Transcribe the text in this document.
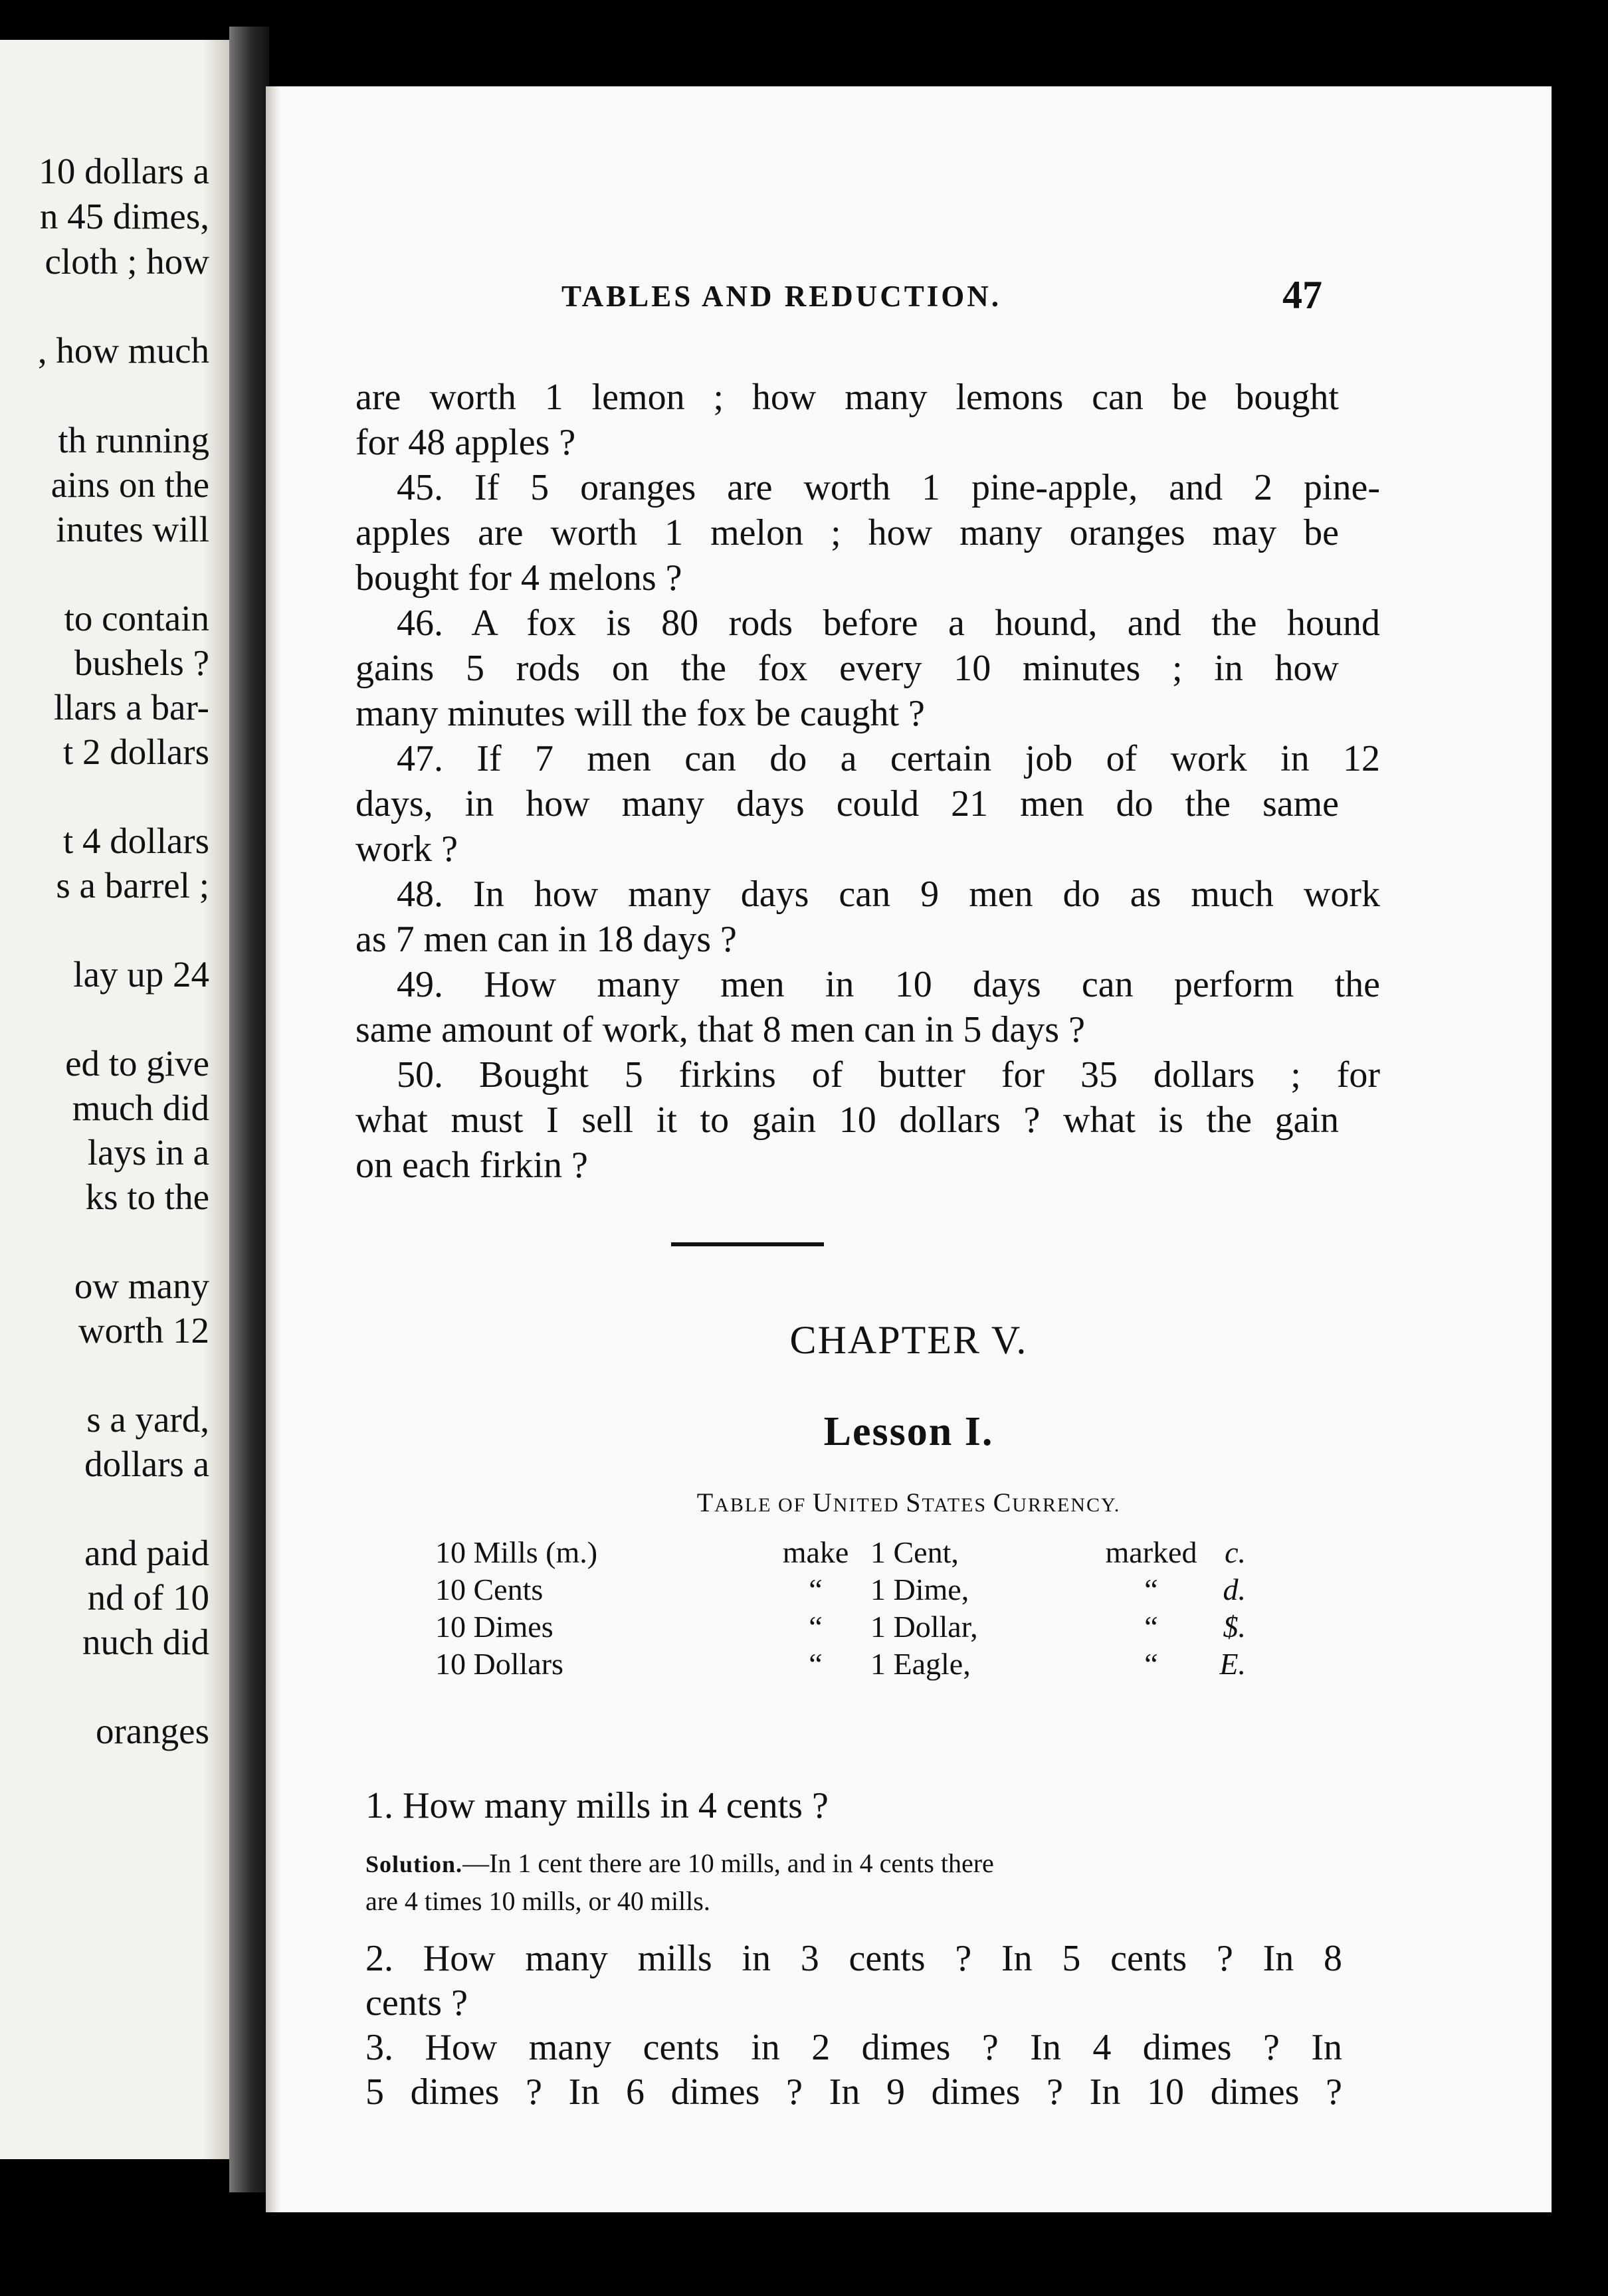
10 dollars a
n 45 dimes,
cloth ; how
, how much
th running
ains on the
inutes will
to contain
bushels ?
llars a bar-
t 2 dollars
t 4 dollars
s a barrel ;
lay up 24
ed to give
much did
lays in a
ks to the
ow many
worth 12
s a yard,
dollars a
and paid
nd of 10
nuch did
oranges
TABLES AND REDUCTION.	47
are worth 1 lemon ; how many lemons can be bought
for 48 apples ?
45. If 5 oranges are worth 1 pine-apple, and 2 pine-
apples are worth 1 melon ; how many oranges may be
bought for 4 melons ?
46. A fox is 80 rods before a hound, and the hound
gains 5 rods on the fox every 10 minutes ; in how
many minutes will the fox be caught ?
47. If 7 men can do a certain job of work in 12
days, in how many days could 21 men do the same
work ?
48. In how many days can 9 men do as much work
as 7 men can in 18 days ?
49. How many men in 10 days can perform the
same amount of work, that 8 men can in 5 days ?
50. Bought 5 firkins of butter for 35 dollars ; for
what must I sell it to gain 10 dollars ? what is the gain
on each firkin ?
CHAPTER V.
Lesson I.
TABLE OF UNITED STATES CURRENCY.
10 Mills (m.)	make	1 Cent,	marked	c.
10 Cents	“	1 Dime,	“	d.
10 Dimes	“	1 Dollar,	“	$.
10 Dollars	“	1 Eagle,	“	E.
1. How many mills in 4 cents ?
Solution.—In 1 cent there are 10 mills, and in 4 cents there
are 4 times 10 mills, or 40 mills.
2. How many mills in 3 cents ? In 5 cents ? In 8
cents ?
3. How many cents in 2 dimes ? In 4 dimes ? In
5 dimes ? In 6 dimes ? In 9 dimes ? In 10 dimes ?
